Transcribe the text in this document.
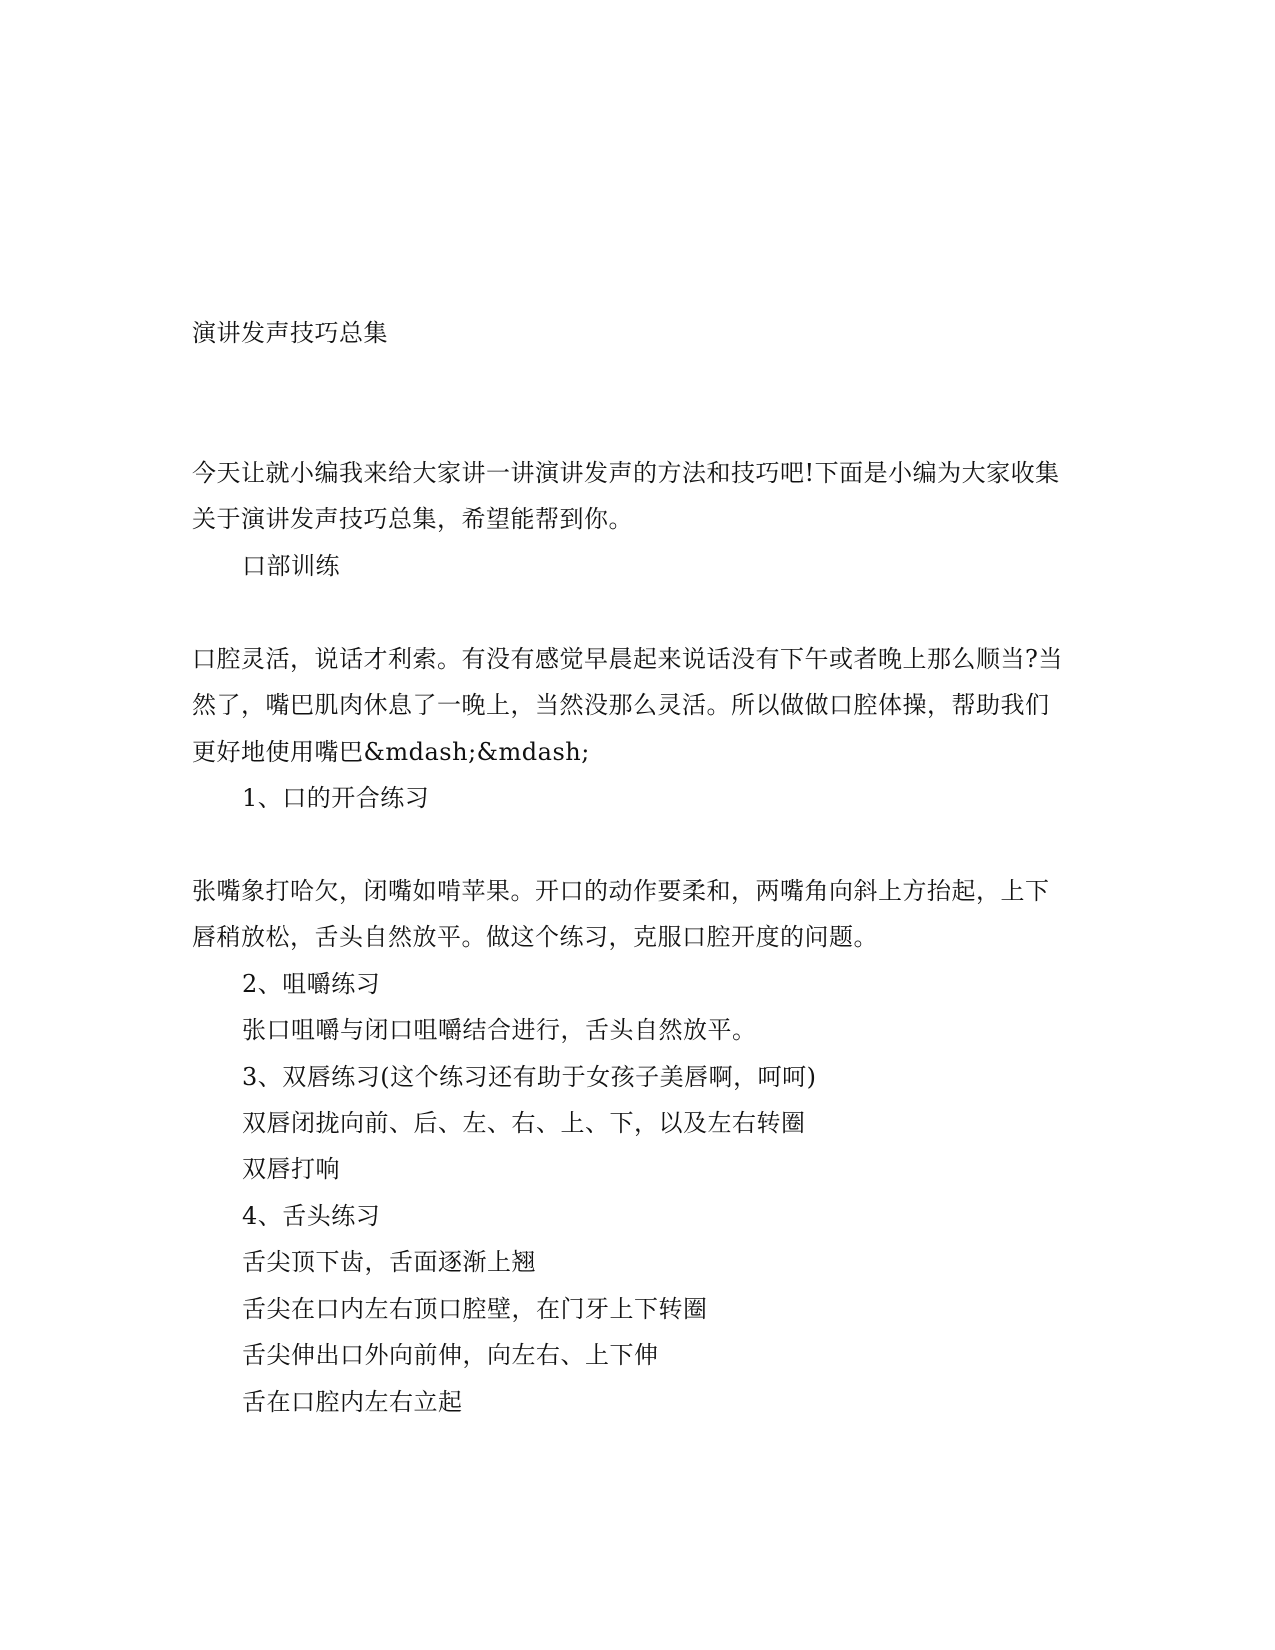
演讲发声技巧总集
今天让就小编我来给大家讲一讲演讲发声的方法和技巧吧!下面是小编为大家收集
关于演讲发声技巧总集，希望能帮到你。
口部训练
口腔灵活，说话才利索。有没有感觉早晨起来说话没有下午或者晚上那么顺当?当
然了，嘴巴肌肉休息了一晚上，当然没那么灵活。所以做做口腔体操，帮助我们
更好地使用嘴巴&mdash;&mdash;
1、口的开合练习
张嘴象打哈欠，闭嘴如啃苹果。开口的动作要柔和，两嘴角向斜上方抬起，上下
唇稍放松，舌头自然放平。做这个练习，克服口腔开度的问题。
2、咀嚼练习
张口咀嚼与闭口咀嚼结合进行，舌头自然放平。
3、双唇练习(这个练习还有助于女孩子美唇啊，呵呵)
双唇闭拢向前、后、左、右、上、下，以及左右转圈
双唇打响
4、舌头练习
舌尖顶下齿，舌面逐渐上翘
舌尖在口内左右顶口腔壁，在门牙上下转圈
舌尖伸出口外向前伸，向左右、上下伸
舌在口腔内左右立起
